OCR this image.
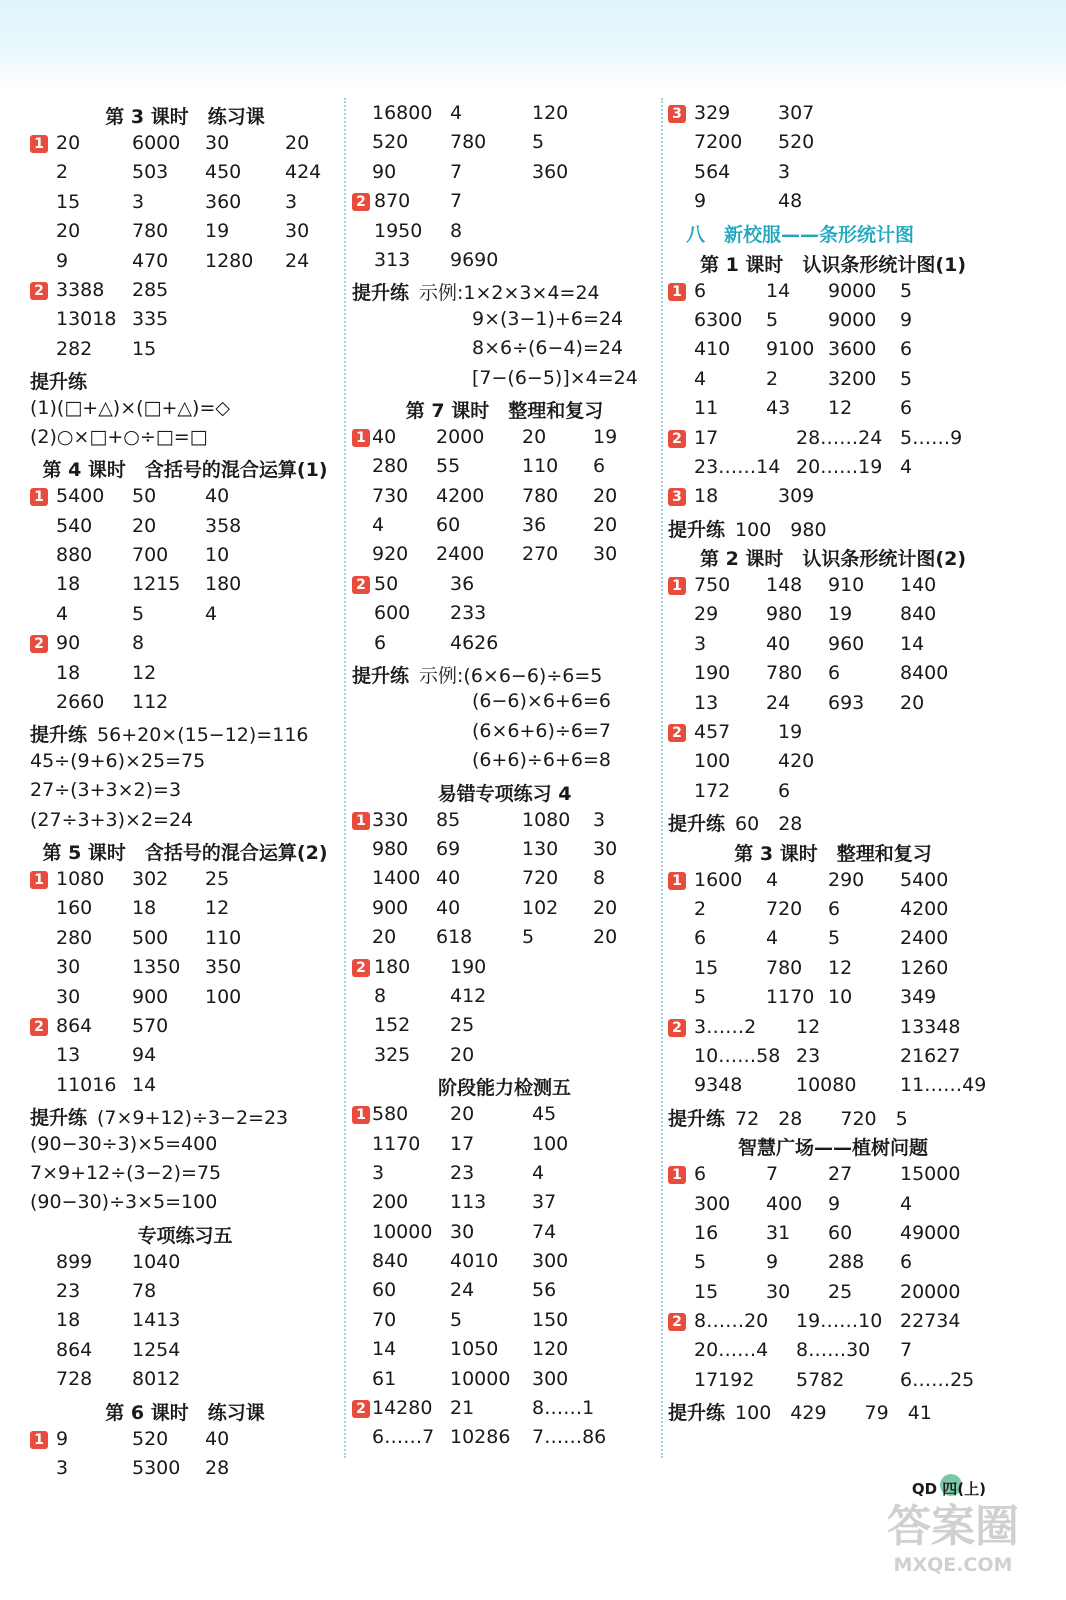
第 3 课时　练习课
1 20	6000 30	20
2	503 450 424
15	3	360 3
20	780 19	30
9	470 1280 24
2 3388 285
13018 335
282 15
提升练
(1)(□+△)×(□+△)=◇
(2)○×□+○÷□=□
第 4 课时　含括号的混合运算(1)
1 5400 50	40
540 20	358
880 700 10
18	1215 180
4	5	4
2 90	8
18	12
2660 112
提升练 56+20×(15−12)=116
45÷(9+6)×25=75
27÷(3+3×2)=3
(27÷3+3)×2=24
第 5 课时　含括号的混合运算(2)
1 1080 302 25
160 18	12
280 500 110
30	1350 350
30	900 100
2 864 570
13	94
11016 14
提升练 (7×9+12)÷3−2=23
(90−30÷3)×5=400
7×9+12÷(3−2)=75
(90−30)÷3×5=100
专项练习五
899 1040
23	78
18	1413
864 1254
728 8012
第 6 课时　练习课
1 9	520 40
3	5300 28
16800 4	120
520 780 5
90	7	360
2 870 7
1950 8
313 9690
提升练 示例:1×2×3×4=24
9×(3−1)+6=24
8×6÷(6−4)=24
[7−(6−5)]×4=24
第 7 课时　整理和复习
1 40 2000 20 19
280 55	110 6
730 4200 780 20
4	60	36 20
920 2400 270 30
2 50	36
600 233
6	4626
提升练 示例:(6×6−6)÷6=5
(6−6)×6+6=6
(6×6+6)÷6=7
(6+6)÷6+6=8
易错专项练习 4
1 330 85	1080 3
980 69	130 30
1400 40	720 8
900 40	102 20
20 618	5	20
2 180 190
8	412
152 25
325 20
阶段能力检测五
1 580 20	45
1170 17	100
3	23	4
200 113 37
10000 30	74
840 4010 300
60	24	56
70	5	150
14	1050 120
61	10000 300
2 14280 21	8……1
6……7 10286 7……86
3 329	307
7200 520
564	3
9	48
八　新校服——条形统计图
第 1 课时　认识条形统计图(1)
1 6	14 9000 5
6300 5	9000 9
410 9100 3600 6
4	2	3200 5
11	43 12	6
2 17	28……24 5……9
23……14 20……19 4
3 18	309
提升练 100　980
第 2 课时　认识条形统计图(2)
1 750 148 910 140
29	980 19	840
3	40 960 14
190 780 6	8400
13	24 693 20
2 457	19
100	420
172	6
提升练 60　28
第 3 课时　整理和复习
1 1600 4	290 5400
2	720 6	4200
6	4	5	2400
15	780 12	1260
5	1170 10	349
2 3……2 12	13348
10……58 23	21627
9348	10080 11……49
提升练 72　28　　720　5
智慧广场——植树问题
1 6	7	27	15000
300 400 9	4
16	31 60	49000
5	9	288 6
15	30 25	20000
2 8……20 19……10 22734
20……4 8……30 7
17192 5782	6……25
提升练 100　429　　79　41
QD 四(上)
答案圈
MXQE.COM
